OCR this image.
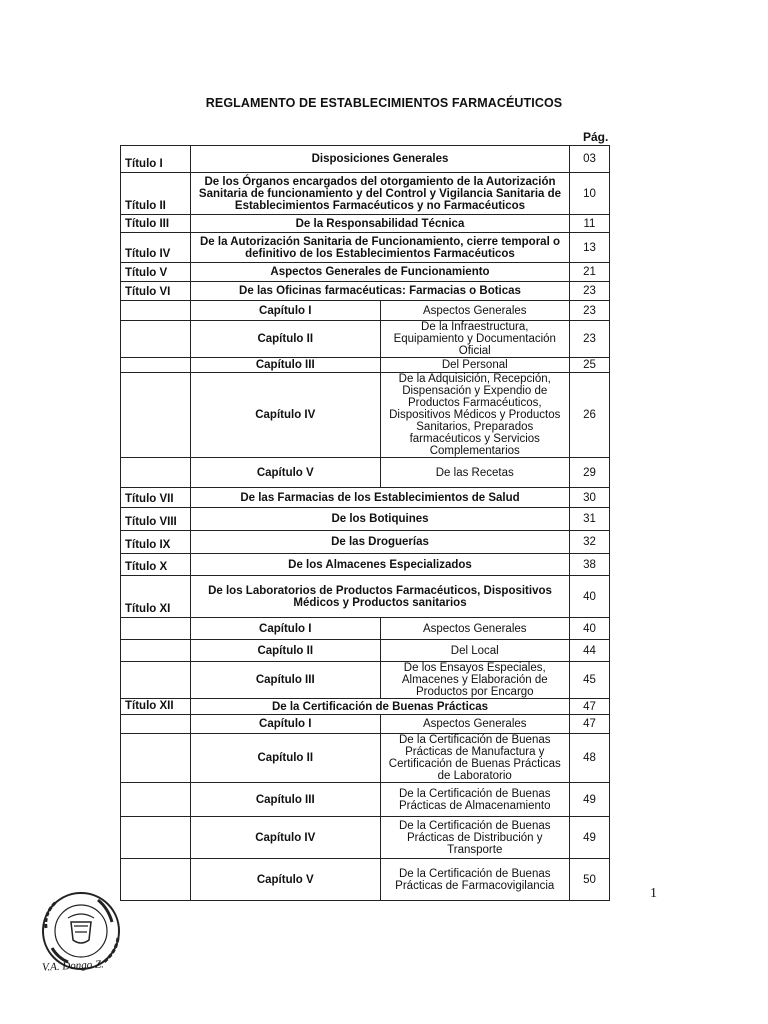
REGLAMENTO DE ESTABLECIMIENTOS FARMACÉUTICOS
Pág.
Título I	Disposiciones Generales		03
Título II	De los Órganos encargados del otorgamiento de la Autorización Sanitaria de funcionamiento y del Control y Vigilancia Sanitaria de Establecimientos Farmacéuticos y no Farmacéuticos		10
Título III	De la Responsabilidad Técnica		11
Título IV	De la Autorización Sanitaria de Funcionamiento, cierre temporal o definitivo de los Establecimientos Farmacéuticos		13
Título V	Aspectos Generales de Funcionamiento		21
Título VI	De las Oficinas farmacéuticas: Farmacias o Boticas		23
	Capítulo I	Aspectos Generales	23
	Capítulo II	De la Infraestructura, Equipamiento y Documentación Oficial	23
	Capítulo III	Del Personal	25
	Capítulo IV	De la Adquisición, Recepción, Dispensación y Expendio de Productos Farmacéuticos, Dispositivos Médicos y Productos Sanitarios, Preparados farmacéuticos y Servicios Complementarios	26
	Capítulo V	De las Recetas	29
Título VII	De las Farmacias de los Establecimientos de Salud		30
Título VIII	De los Botiquines		31
Título IX	De las Droguerías		32
Título X	De los Almacenes Especializados		38
Título XI	De los Laboratorios de Productos Farmacéuticos, Dispositivos Médicos y Productos sanitarios		40
	Capítulo I	Aspectos Generales	40
	Capítulo II	Del Local	44
	Capítulo III	De los Ensayos Especiales, Almacenes y Elaboración de Productos por Encargo	45
Título XII	De la Certificación de Buenas Prácticas		47
	Capítulo I	Aspectos Generales	47
	Capítulo II	De la Certificación de Buenas Prácticas de Manufactura y Certificación de Buenas Prácticas de Laboratorio	48
	Capítulo III	De la Certificación de Buenas Prácticas de Almacenamiento	49
	Capítulo IV	De la Certificación de Buenas Prácticas de Distribución y Transporte	49
	Capítulo V	De la Certificación de Buenas Prácticas de Farmacovigilancia	50
1
V.A. Dongo Z.
